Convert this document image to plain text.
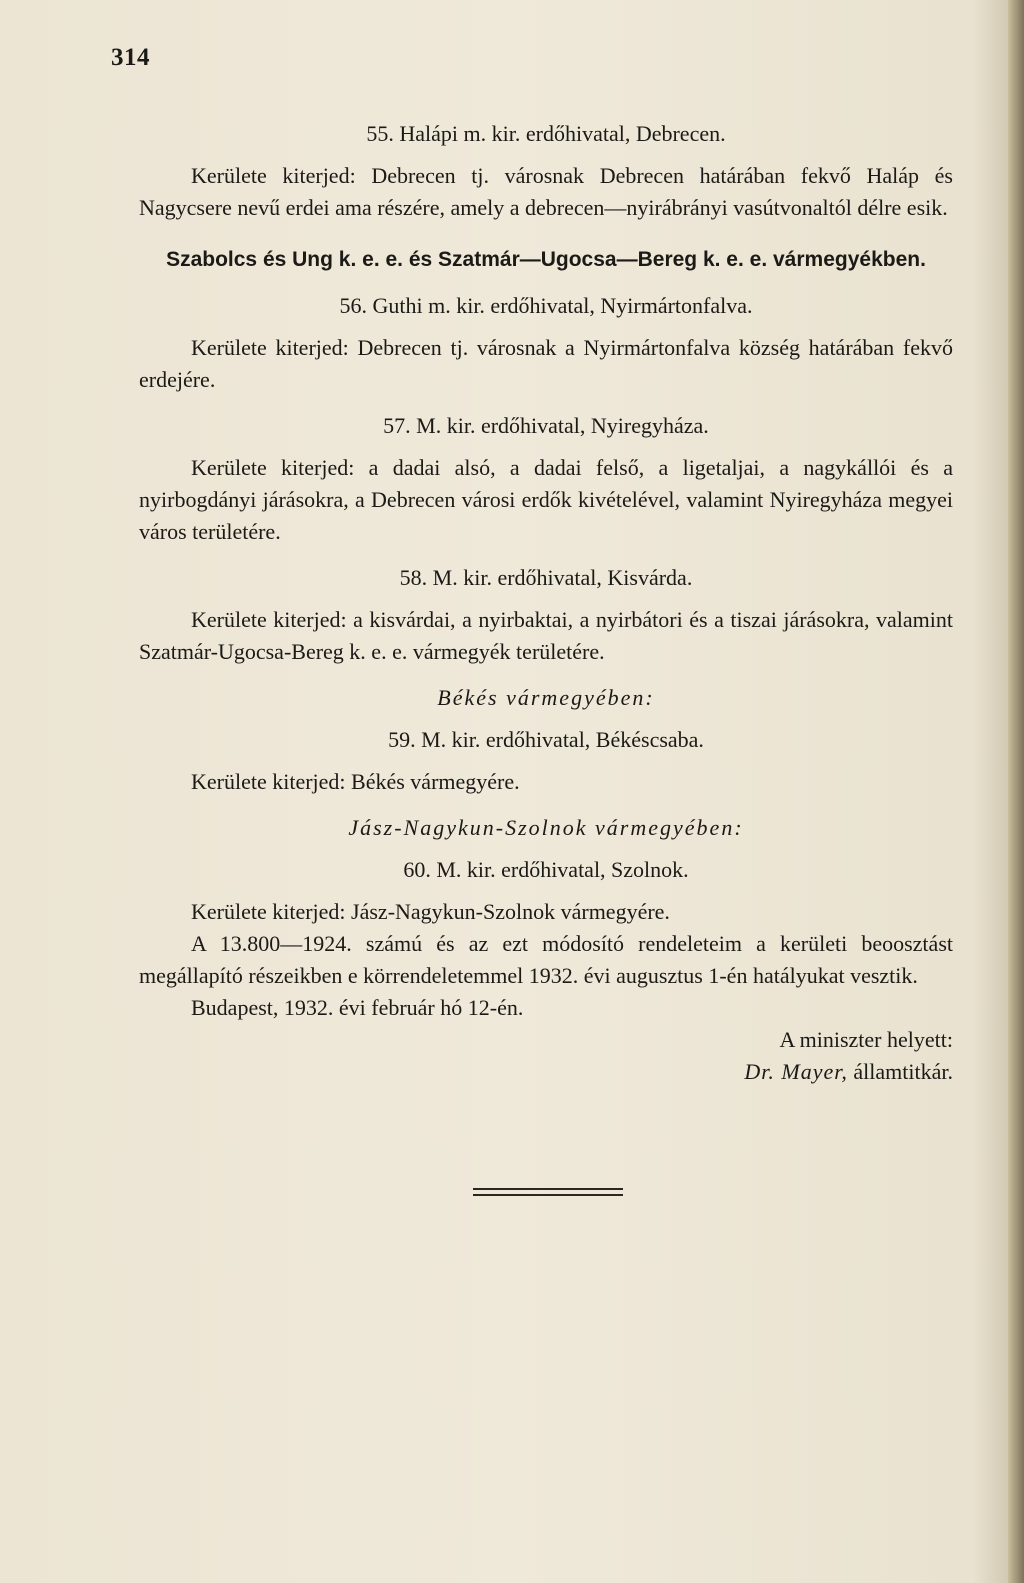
314

55. Halápi m. kir. erdőhivatal, Debrecen.

Kerülete kiterjed: Debrecen tj. városnak Debrecen határában fekvő Haláp és Nagycsere nevű erdei ama részére, amely a debrecen—nyirábrányi vasútvonaltól délre esik.

Szabolcs és Ung k. e. e. és Szatmár—Ugocsa—Bereg k. e. e. vármegyékben.

56. Guthi m. kir. erdőhivatal, Nyirmártonfalva.

Kerülete kiterjed: Debrecen tj. városnak a Nyirmártonfalva község határában fekvő erdejére.

57. M. kir. erdőhivatal, Nyiregyháza.

Kerülete kiterjed: a dadai alsó, a dadai felső, a ligetaljai, a nagykállói és a nyirbogdányi járásokra, a Debrecen városi erdők kivételével, valamint Nyiregyháza megyei város területére.

58. M. kir. erdőhivatal, Kisvárda.

Kerülete kiterjed: a kisvárdai, a nyirbaktai, a nyirbátori és a tiszai járásokra, valamint Szatmár-Ugocsa-Bereg k. e. e. vármegyék területére.

Békés vármegyében:

59. M. kir. erdőhivatal, Békéscsaba.

Kerülete kiterjed: Békés vármegyére.

Jász-Nagykun-Szolnok vármegyében:

60. M. kir. erdőhivatal, Szolnok.

Kerülete kiterjed: Jász-Nagykun-Szolnok vármegyére.

A 13.800—1924. számú és az ezt módosító rendeleteim a kerületi beoosztást megállapító részeikben e körrendeletemmel 1932. évi augusztus 1-én hatályukat vesztik.

Budapest, 1932. évi február hó 12-én.

A miniszter helyett:

Dr. Mayer, államtitkár.
